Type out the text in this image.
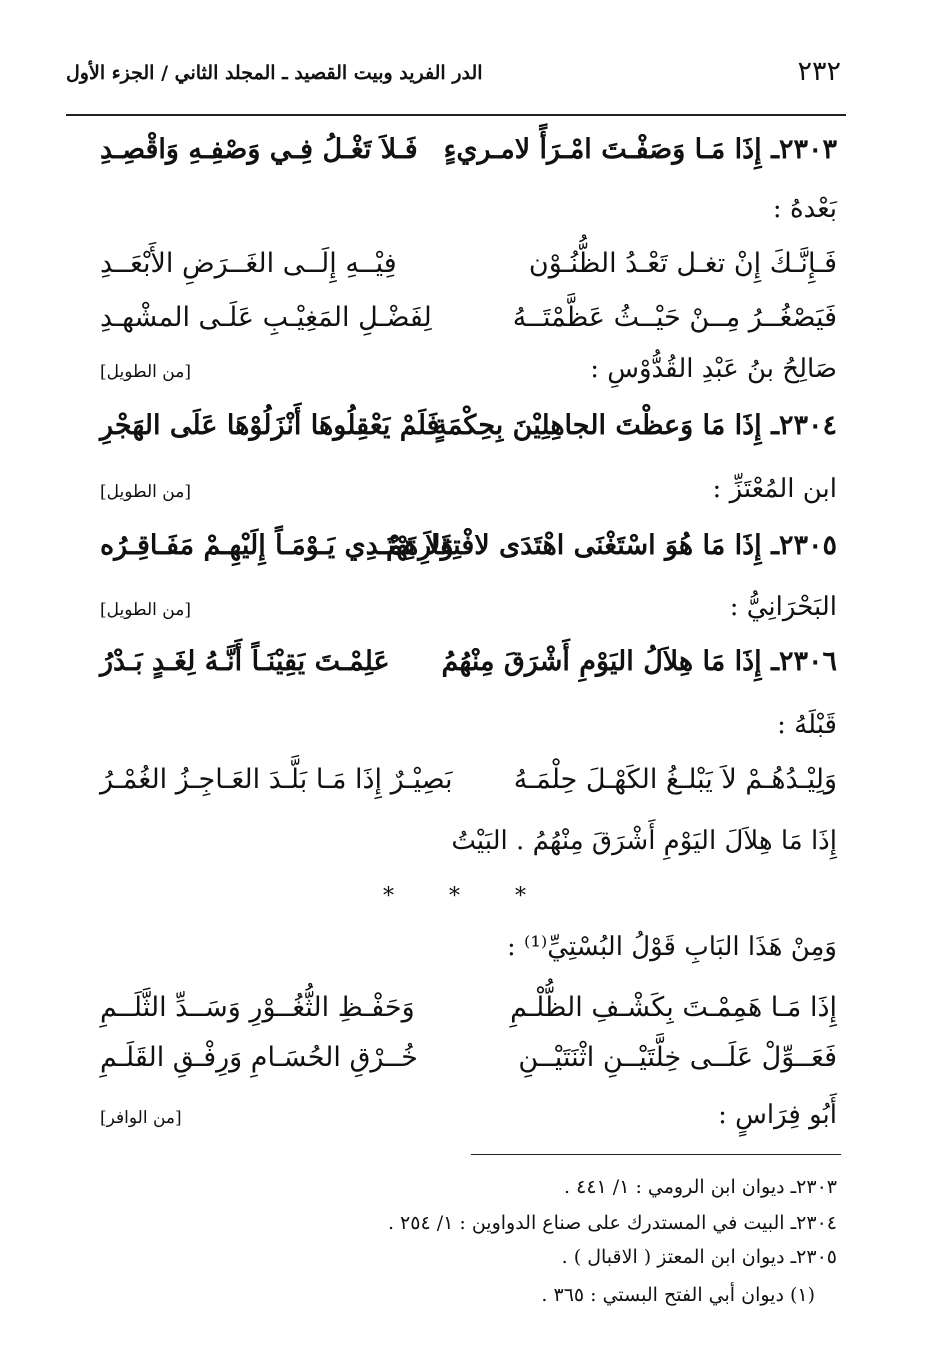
٢٣٢
الدر الفريد وبيت القصيد ـ المجلد الثاني / الجزء الأول
٢٣٠٣ـ إِذَا مَـا وَصَفْـتَ امْـرَأً لامـريءٍ
فَـلاَ تَغْـلُ فِـي وَصْفِـهِ وَاقْصِـدِ
بَعْدهُ :
فَـإِنَّـكَ إِنْ تغـل تَعْـدُ الظُّنُـوْن
فِيْــهِ إِلَــى الغَــرَضِ الأَبْعَــدِ
فَيَصْغُــرُ مِــنْ حَيْــثُ عَظَّمْتَــهُ
لِفَضْـلِ المَغِيْـبِ عَلَـى المشْهـدِ
صَالِحُ بنُ عَبْدِ القُدُّوْسِ :
[من الطويل]
٢٣٠٤ـ إِذَا مَا وَعظْتَ الجاهِلِيْنَ بِحِكْمَةٍ
فَلَمْ يَعْقِلُوهَا أَنْزَلُوْهَا عَلَى الهَجْرِ
ابن المُعْتَزِّ :
[من الطويل]
٢٣٠٥ـ إِذَا مَا هُوَ اسْتَغْنَى اهْتَدَى لافْتِقَارِهِمْ
وَلاَ تَهْتَـدِي يَـوْمَـاً إِلَيْهِـمْ مَفَـاقِـرُه
البَحْرَانِيُّ :
[من الطويل]
٢٣٠٦ـ إِذَا مَا هِلاَلُ اليَوْمِ أَشْرَقَ مِنْهُمُ
عَلِمْـتَ يَقِيْنَـاً أَنَّـهُ لِغَـدٍ بَـدْرُ
قَبْلَهُ :
وَلِيْـدُهُـمْ لاَ يَبْلـغُ الكَهْـلَ حِلْمَـهُ
بَصِيْـرٌ إِذَا مَـا بَلَّـدَ العَـاجِـزُ الغُمْـرُ
إِذَا مَا هِلاَلَ اليَوْمِ أَشْرَقَ مِنْهُمُ . البَيْتُ
* * *
وَمِنْ هَذَا البَابِ قَوْلُ البُسْتِيِّ⁽¹⁾ :
إِذَا مَـا هَمِمْـتَ بِكَشْـفِ الظُّلْـمِ
وَحَفْـظِ الثُّغُــوْرِ وَسَــدِّ الثَّلَــمِ
فَعَــوِّلْ عَلَــى خِلَّتَيْــنِ اثْنَتَيْــنِ
خُــرْقِ الحُسَـامِ وَرِفْـقِ القَلَـمِ
أَبُو فِرَاسٍ :
[من الوافر]
٢٣٠٣ـ ديوان ابن الرومي : ١/ ٤٤١ .
٢٣٠٤ـ البيت في المستدرك على صناع الدواوين : ١/ ٢٥٤ .
٢٣٠٥ـ ديوان ابن المعتز ( الاقبال ) .
(١) ديوان أبي الفتح البستي : ٣٦٥ .
